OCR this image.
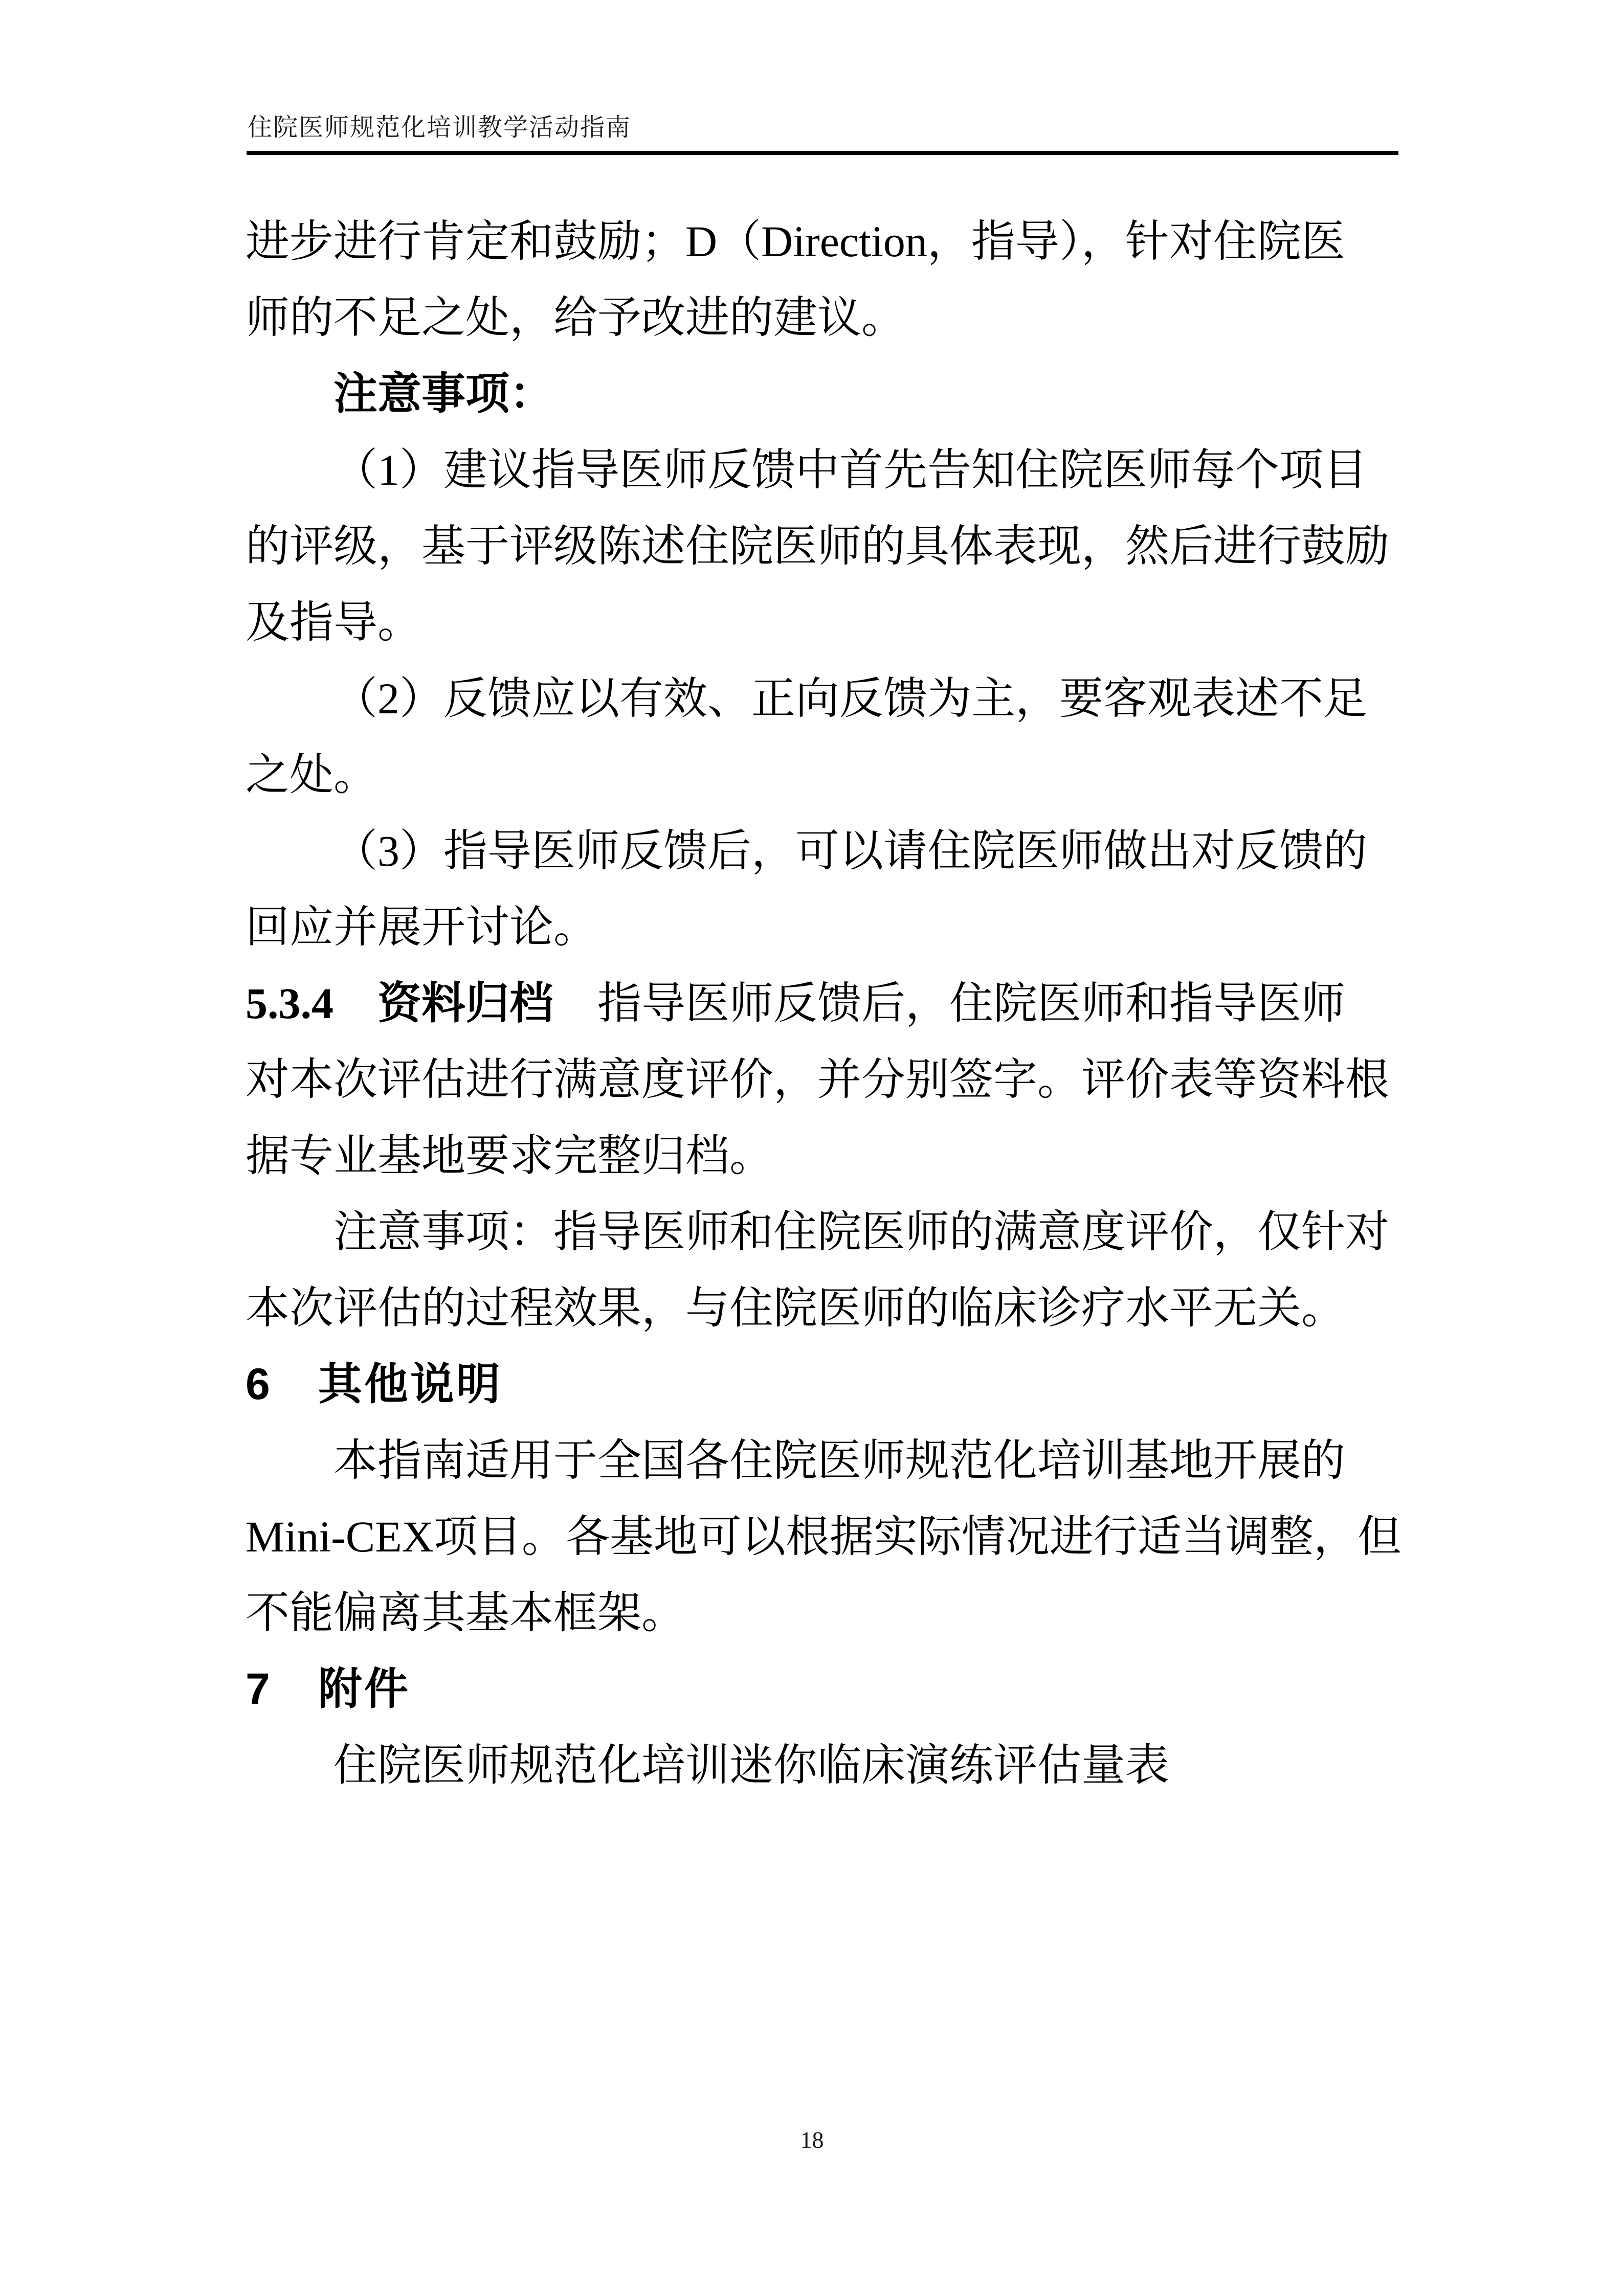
住院医师规范化培训教学活动指南
进步进行肯定和鼓励；D（Direction，指导），针对住院医
师的不足之处，给予改进的建议。
注意事项：
（1）建议指导医师反馈中首先告知住院医师每个项目
的评级，基于评级陈述住院医师的具体表现，然后进行鼓励
及指导。
（2）反馈应以有效、正向反馈为主，要客观表述不足
之处。
（3）指导医师反馈后，可以请住院医师做出对反馈的
回应并展开讨论。
5.3.4　资料归档　指导医师反馈后，住院医师和指导医师
对本次评估进行满意度评价，并分别签字。评价表等资料根
据专业基地要求完整归档。
注意事项：指导医师和住院医师的满意度评价，仅针对
本次评估的过程效果，与住院医师的临床诊疗水平无关。
6　其他说明
本指南适用于全国各住院医师规范化培训基地开展的
Mini-CEX项目。各基地可以根据实际情况进行适当调整，但
不能偏离其基本框架。
7　附件
住院医师规范化培训迷你临床演练评估量表
18
